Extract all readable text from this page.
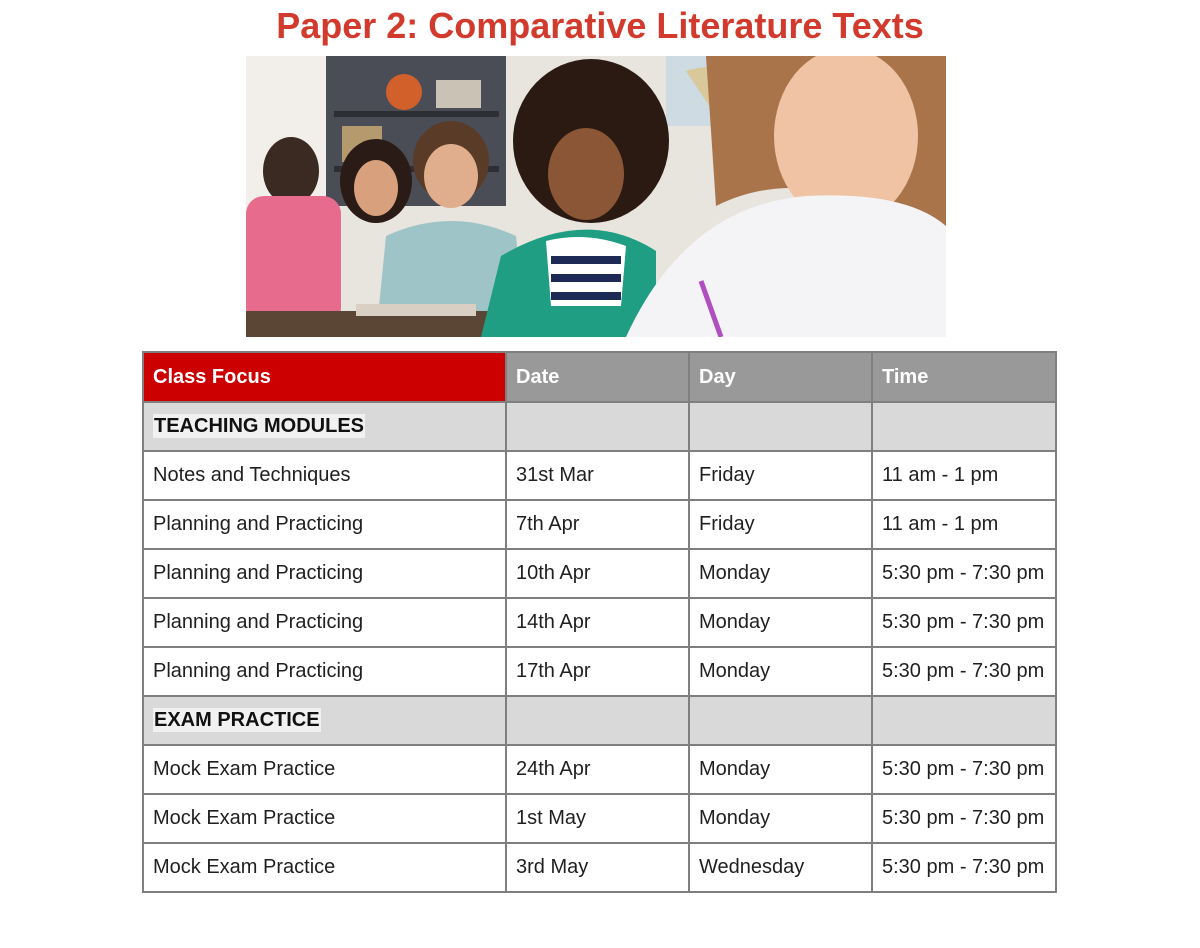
Paper 2: Comparative Literature Texts
Class Focus	Date	Day	Time
TEACHING MODULES			
Notes and Techniques	31st Mar	Friday	11 am - 1 pm
Planning and Practicing	7th Apr	Friday	11 am - 1 pm
Planning and Practicing	10th Apr	Monday	5:30 pm - 7:30 pm
Planning and Practicing	14th Apr	Monday	5:30 pm - 7:30 pm
Planning and Practicing	17th Apr	Monday	5:30 pm - 7:30 pm
EXAM PRACTICE			
Mock Exam Practice	24th Apr	Monday	5:30 pm - 7:30 pm
Mock Exam Practice	1st May	Monday	5:30 pm - 7:30 pm
Mock Exam Practice	3rd May	Wednesday	5:30 pm - 7:30 pm
